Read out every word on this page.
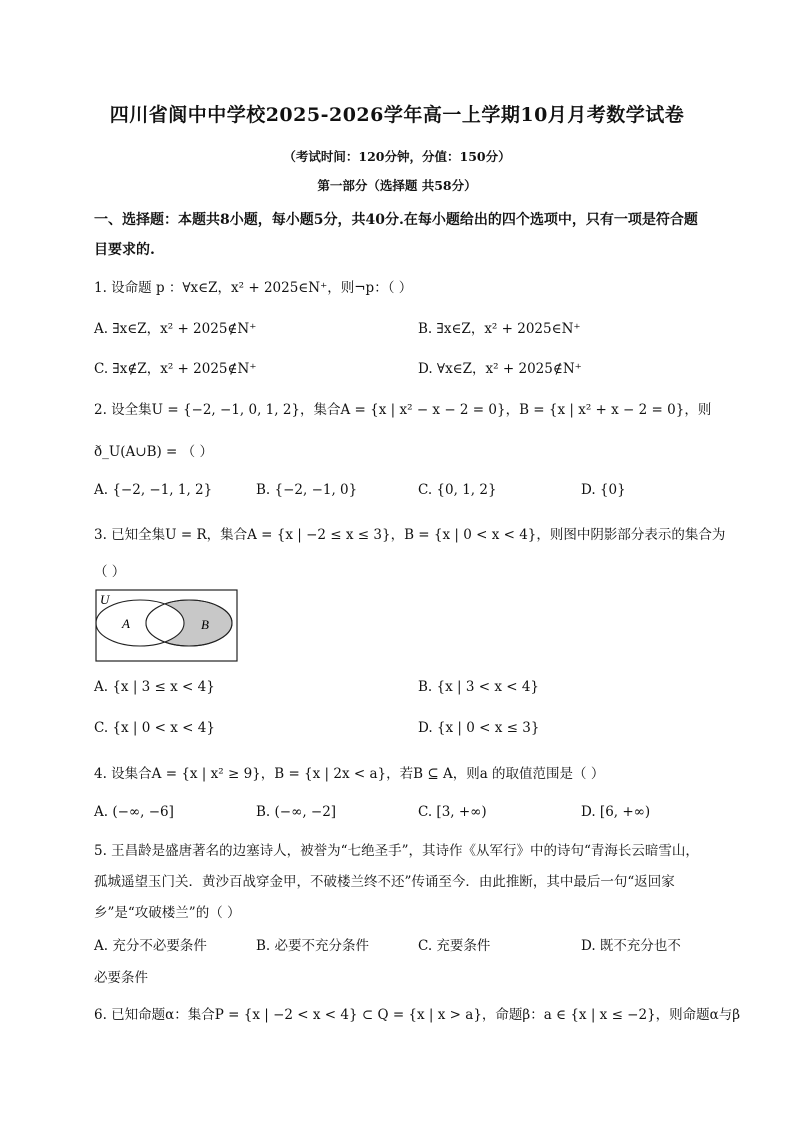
四川省阆中中学校2025-2026学年高一上学期10月月考数学试卷
（考试时间：120分钟，分值：150分）
第一部分（选择题 共58分）
一、选择题：本题共8小题，每小题5分，共40分.在每小题给出的四个选项中，只有一项是符合题目要求的.
1. 设命题 p ：∀x∈Z，x² + 2025∈N⁺，则¬p：（ ）
A. ∃x∈Z，x² + 2025∉N⁺	B. ∃x∈Z，x² + 2025∈N⁺
C. ∃x∉Z，x² + 2025∉N⁺	D. ∀x∈Z，x² + 2025∉N⁺
2. 设全集U = {−2, −1, 0, 1, 2}，集合A = {x | x² − x − 2 = 0}，B = {x | x² + x − 2 = 0}，则
ð_U(A∪B) = （ ）
A. {−2, −1, 1, 2}	B. {−2, −1, 0}	C. {0, 1, 2}	D. {0}
3. 已知全集U = R，集合A = {x | −2 ≤ x ≤ 3}，B = {x | 0 < x < 4}，则图中阴影部分表示的集合为
（ ）
U
A	B
A. {x | 3 ≤ x < 4}	B. {x | 3 < x < 4}
C. {x | 0 < x < 4}	D. {x | 0 < x ≤ 3}
4. 设集合A = {x | x² ≥ 9}，B = {x | 2x < a}，若B ⊆ A，则a 的取值范围是（ ）
A. (−∞, −6]	B. (−∞, −2]	C. [3, +∞)	D. [6, +∞)
5. 王昌龄是盛唐著名的边塞诗人，被誉为“七绝圣手”，其诗作《从军行》中的诗句“青海长云暗雪山，孤城遥望玉门关．黄沙百战穿金甲，不破楼兰终不还”传诵至今．由此推断，其中最后一句“返回家乡”是“攻破楼兰”的（ ）
A. 充分不必要条件	B. 必要不充分条件	C. 充要条件	D. 既不充分也不
必要条件
6. 已知命题α：集合P = {x | −2 < x < 4} ⊂ Q = {x | x > a}，命题β：a ∈ {x | x ≤ −2}，则命题α与β
